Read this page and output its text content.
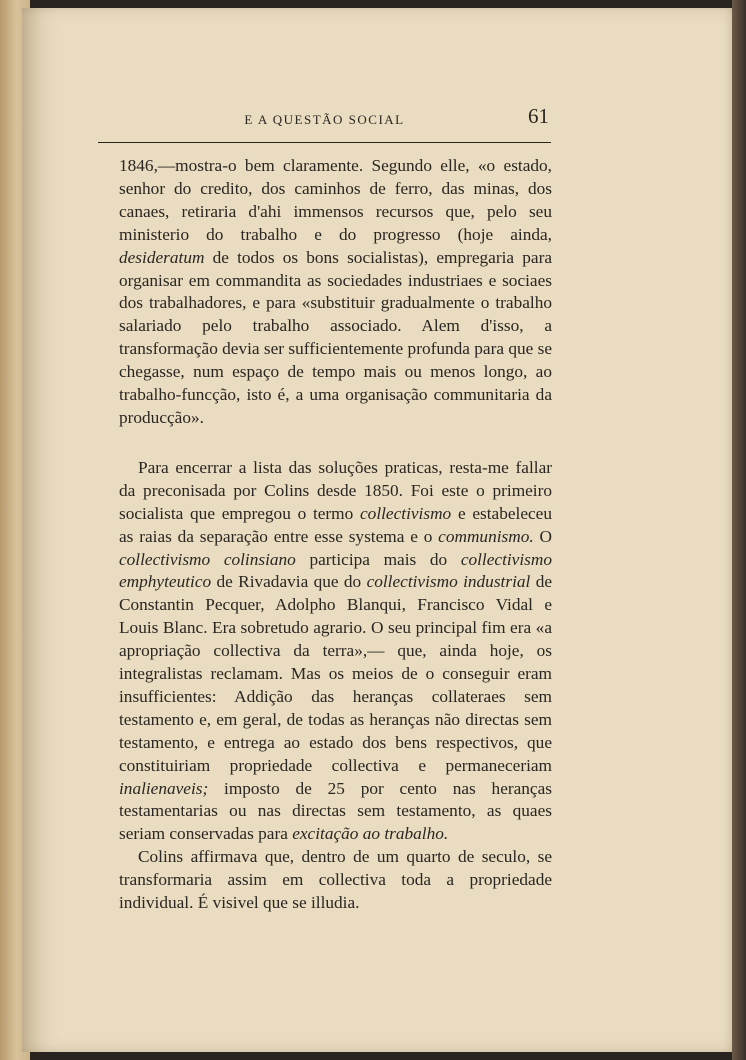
E A QUESTÃO SOCIAL	61

1846,—mostra-o bem claramente. Segundo elle, «o estado, senhor do credito, dos caminhos de ferro, das minas, dos canaes, retiraria d'ahi immensos recursos que, pelo seu ministerio do trabalho e do progresso (hoje ainda, desideratum de todos os bons socialistas), empregaria para organisar em commandita as sociedades industriaes e sociaes dos trabalhadores, e para «substituir gradualmente o trabalho salariado pelo trabalho associado. Alem d'isso, a transformação devia ser sufficientemente profunda para que se chegasse, num espaço de tempo mais ou menos longo, ao trabalho-funcção, isto é, a uma organisação communitaria da producção».

Para encerrar a lista das soluções praticas, resta-me fallar da preconisada por Colins desde 1850. Foi este o primeiro socialista que empregou o termo collectivismo e estabeleceu as raias da separação entre esse systema e o communismo. O collectivismo colinsiano participa mais do collectivismo emphyteutico de Rivadavia que do collectivismo industrial de Constantin Pecquer, Adolpho Blanqui, Francisco Vidal e Louis Blanc. Era sobretudo agrario. O seu principal fim era «a apropriação collectiva da terra»,— que, ainda hoje, os integralistas reclamam. Mas os meios de o conseguir eram insufficientes: Addição das heranças collateraes sem testamento e, em geral, de todas as heranças não directas sem testamento, e entrega ao estado dos bens respectivos, que constituiriam propriedade collectiva e permaneceriam inalienaveis; imposto de 25 por cento nas heranças testamentarias ou nas directas sem testamento, as quaes seriam conservadas para excitação ao trabalho.

Colins affirmava que, dentro de um quarto de seculo, se transformaria assim em collectiva toda a propriedade individual. É visivel que se illudia.
